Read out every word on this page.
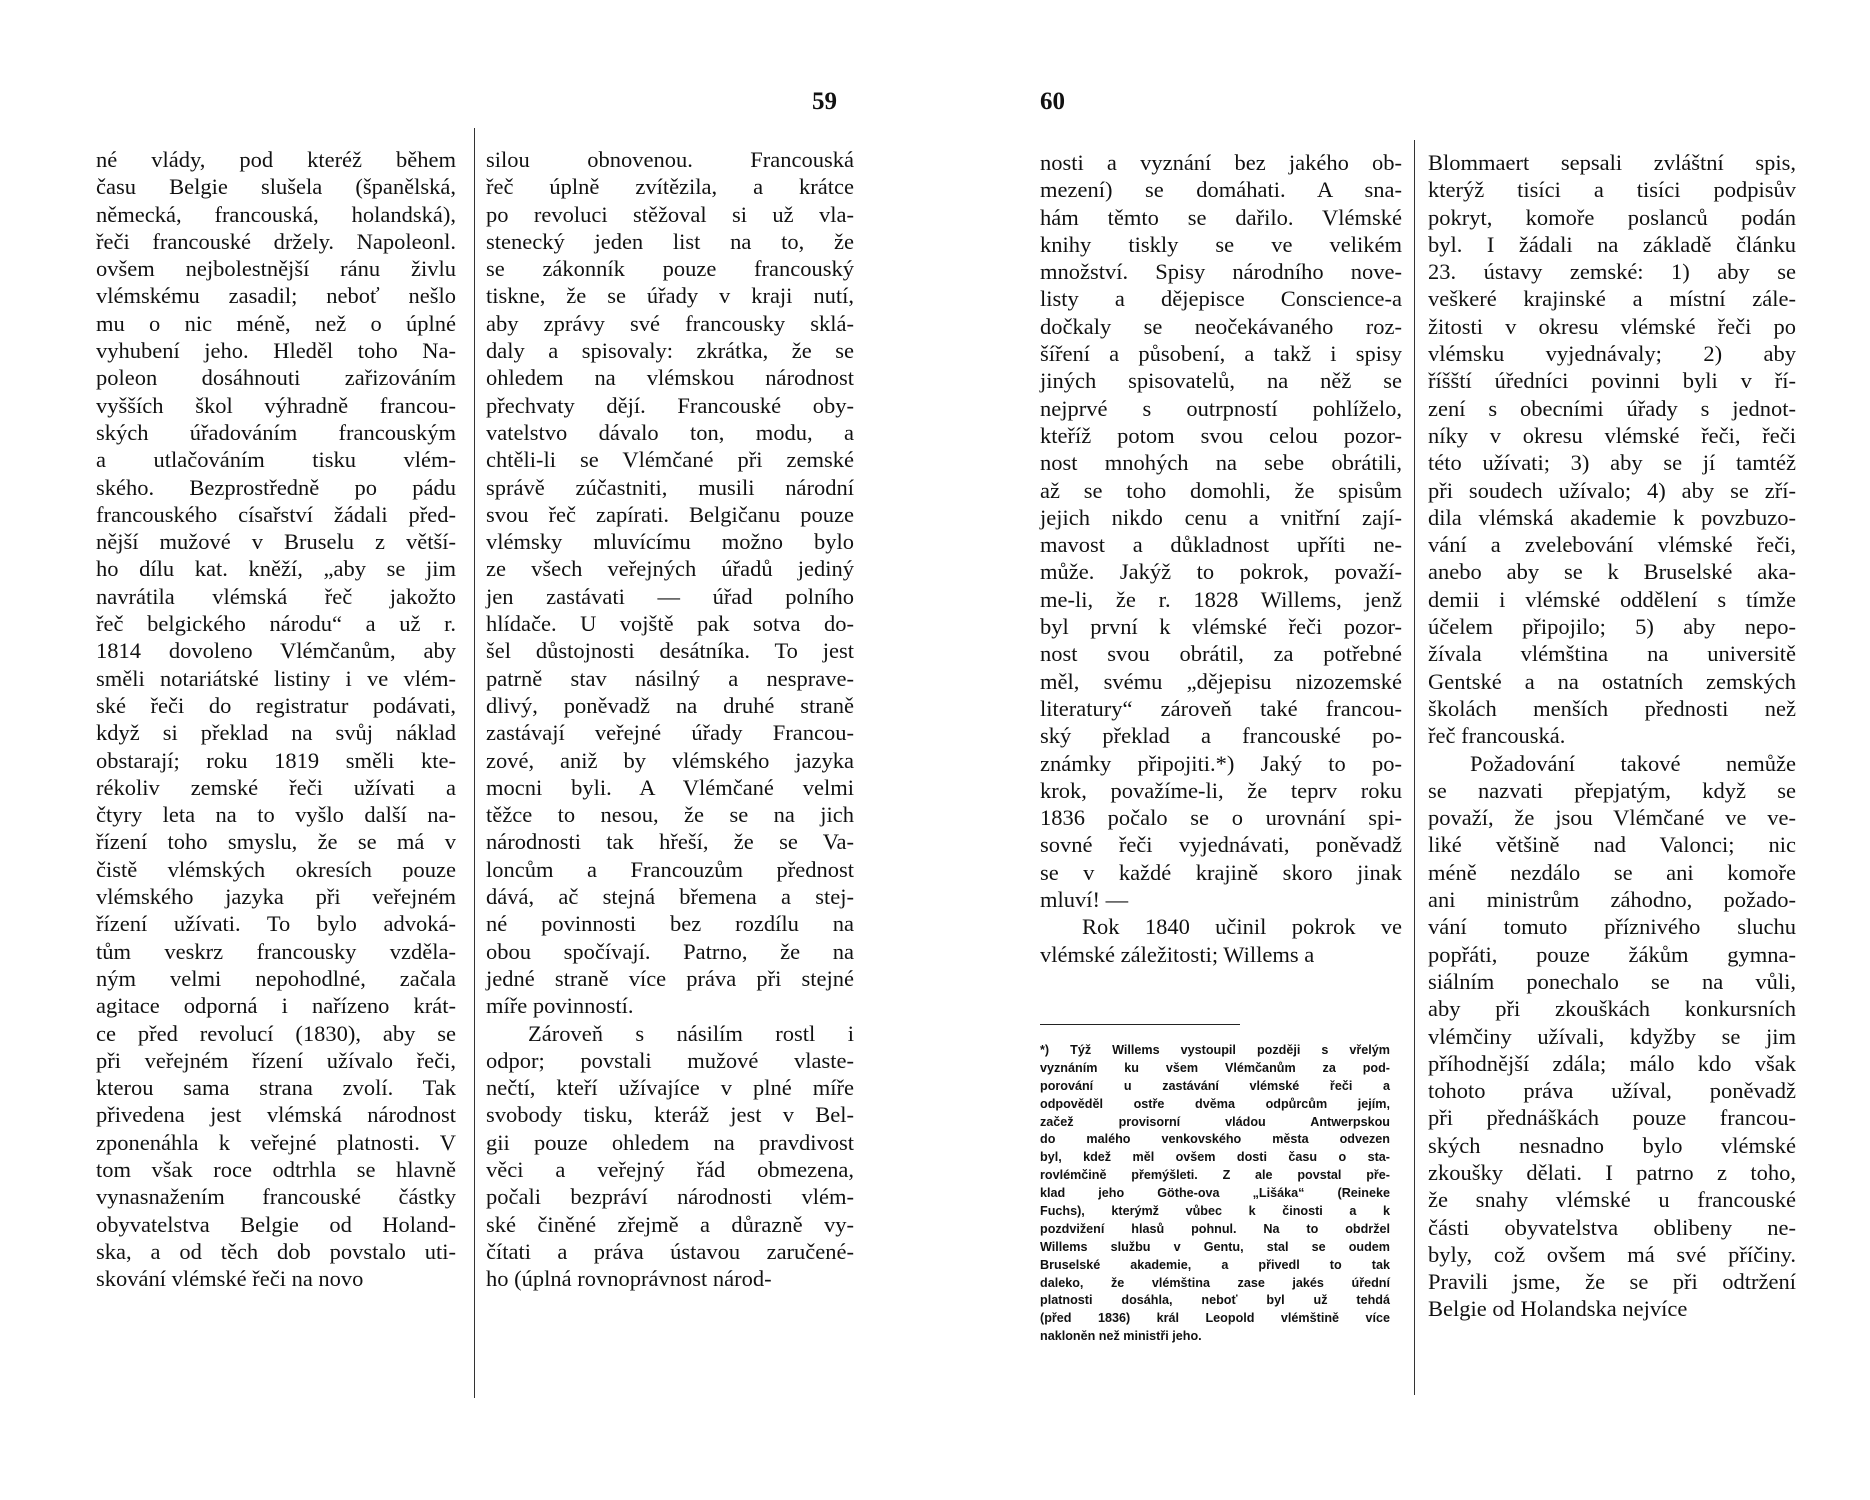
59	60
né vlády, pod kteréž během
času Belgie slušela (španělská,
německá, francouská, holandská),
řeči francouské držely. Napoleonl.
ovšem nejbolestnější ránu živlu
vlémskému zasadil; neboť nešlo
mu o nic méně, než o úplné
vyhubení jeho. Hleděl toho Na-
poleon dosáhnouti zařizováním
vyšších škol výhradně francou-
ských úřadováním francouským
a utlačováním tisku vlém-
ského. Bezprostředně po pádu
francouského císařství žádali před-
nější mužové v Bruselu z větší-
ho dílu kat. kněží, „aby se jim
navrátila vlémská řeč jakožto
řeč belgického národu“ a už r.
1814 dovoleno Vlémčanům, aby
směli notariátské listiny i ve vlém-
ské řeči do registratur podávati,
když si překlad na svůj náklad
obstarají; roku 1819 směli kte-
rékoliv zemské řeči užívati a
čtyry leta na to vyšlo další na-
řízení toho smyslu, že se má v
čistě vlémských okresích pouze
vlémského jazyka při veřejném
řízení užívati. To bylo advoká-
tům veskrz francousky vzděla-
ným velmi nepohodlné, začala
agitace odporná i nařízeno krát-
ce před revolucí (1830), aby se
při veřejném řízení užívalo řeči,
kterou sama strana zvolí. Tak
přivedena jest vlémská národnost
zponenáhla k veřejné platnosti. V
tom však roce odtrhla se hlavně
vynasnažením francouské částky
obyvatelstva Belgie od Holand-
ska, a od těch dob povstalo uti-
skování vlémské řeči na novo
silou obnovenou. Francouská
řeč úplně zvítězila, a krátce
po revoluci stěžoval si už vla-
stenecký jeden list na to, že
se zákonník pouze francouský
tiskne, že se úřady v kraji nutí,
aby zprávy své francousky sklá-
daly a spisovaly: zkrátka, že se
ohledem na vlémskou národnost
přechvaty dějí. Francouské oby-
vatelstvo dávalo ton, modu, a
chtěli-li se Vlémčané při zemské
správě zúčastniti, musili národní
svou řeč zapírati. Belgičanu pouze
vlémsky mluvícímu možno bylo
ze všech veřejných úřadů jediný
jen zastávati — úřad polního
hlídače. U vojště pak sotva do-
šel důstojnosti desátníka. To jest
patrně stav násilný a nesprave-
dlivý, poněvadž na druhé straně
zastávají veřejné úřady Francou-
zové, aniž by vlémského jazyka
mocni byli. A Vlémčané velmi
těžce to nesou, že se na jich
národnosti tak hřeší, že se Va-
loncům a Francouzům přednost
dává, ač stejná břemena a stej-
né povinnosti bez rozdílu na
obou spočívají. Patrno, že na
jedné straně více práva při stejné
míře povinností.
Zároveň s násilím rostl i
odpor; povstali mužové vlaste-
nečtí, kteří užívajíce v plné míře
svobody tisku, kteráž jest v Bel-
gii pouze ohledem na pravdivost
věci a veřejný řád obmezena,
počali bezpráví národnosti vlém-
ské činěné zřejmě a důrazně vy-
čítati a práva ústavou zaručené-
ho (úplná rovnoprávnost národ-
nosti a vyznání bez jakého ob-
mezení) se domáhati. A sna-
hám těmto se dařilo. Vlémské
knihy tiskly se ve velikém
množství. Spisy národního nove-
listy a dějepisce Conscience-a
dočkaly se neočekávaného roz-
šíření a působení, a takž i spisy
jiných spisovatelů, na něž se
nejprvé s outrpností pohlíželo,
kteříž potom svou celou pozor-
nost mnohých na sebe obrátili,
až se toho domohli, že spisům
jejich nikdo cenu a vnitřní zají-
mavost a důkladnost upříti ne-
může. Jakýž to pokrok, považí-
me-li, že r. 1828 Willems, jenž
byl první k vlémské řeči pozor-
nost svou obrátil, za potřebné
měl, svému „dějepisu nizozemské
literatury“ zároveň také francou-
ský překlad a francouské po-
známky připojiti.*) Jaký to po-
krok, považíme-li, že teprv roku
1836 počalo se o urovnání spi-
sovné řeči vyjednávati, poněvadž
se v každé krajině skoro jinak
mluví! —
Rok 1840 učinil pokrok ve
vlémské záležitosti; Willems a
Blommaert sepsali zvláštní spis,
kterýž tisíci a tisíci podpisův
pokryt, komoře poslanců podán
byl. I žádali na základě článku
23. ústavy zemské: 1) aby se
veškeré krajinské a místní zále-
žitosti v okresu vlémské řeči po
vlémsku vyjednávaly; 2) aby
říšští úředníci povinni byli v ří-
zení s obecními úřady s jednot-
níky v okresu vlémské řeči, řeči
této užívati; 3) aby se jí tamtéž
při soudech užívalo; 4) aby se zří-
dila vlémská akademie k povzbuzo-
vání a zvelebování vlémské řeči,
anebo aby se k Bruselské aka-
demii i vlémské oddělení s tímže
účelem připojilo; 5) aby nepo-
žívala vlémština na universitě
Gentské a na ostatních zemských
školách menších přednosti než
řeč francouská.
Požadování takové nemůže
se nazvati přepjatým, když se
považí, že jsou Vlémčané ve ve-
liké většině nad Valonci; nic
méně nezdálo se ani komoře
ani ministrům záhodno, požado-
vání tomuto příznivého sluchu
popřáti, pouze žákům gymna-
siálním ponechalo se na vůli,
aby při zkouškách konkursních
vlémčiny užívali, kdyžby se jim
příhodnější zdála; málo kdo však
tohoto práva užíval, poněvadž
při přednáškách pouze francou-
ských nesnadno bylo vlémské
zkoušky dělati. I patrno z toho,
že snahy vlémské u francouské
části obyvatelstva oblibeny ne-
byly, což ovšem má své příčiny.
Pravili jsme, že se při odtržení
Belgie od Holandska nejvíce
*) Týž Willems vystoupil později s vřelým
vyznáním ku všem Vlémčanům za pod-
porování u zastávání vlémské řeči a
odpověděl ostře dvěma odpůrcům jejím,
začež provisorní vládou Antwerpskou
do malého venkovského města odvezen
byl, kdež měl ovšem dosti času o sta-
rovlémčině přemýšleti. Z ale povstal pře-
klad jeho Göthe-ova „Lišáka“ (Reineke
Fuchs), kterýmž vůbec k činosti a k
pozdvižení hlasů pohnul. Na to obdržel
Willems službu v Gentu, stal se oudem
Bruselské akademie, a přivedl to tak
daleko, že vlémština zase jakés úřední
platnosti dosáhla, neboť byl už tehdá
(před 1836) král Leopold vlémštině více
nakloněn než ministři jeho.
